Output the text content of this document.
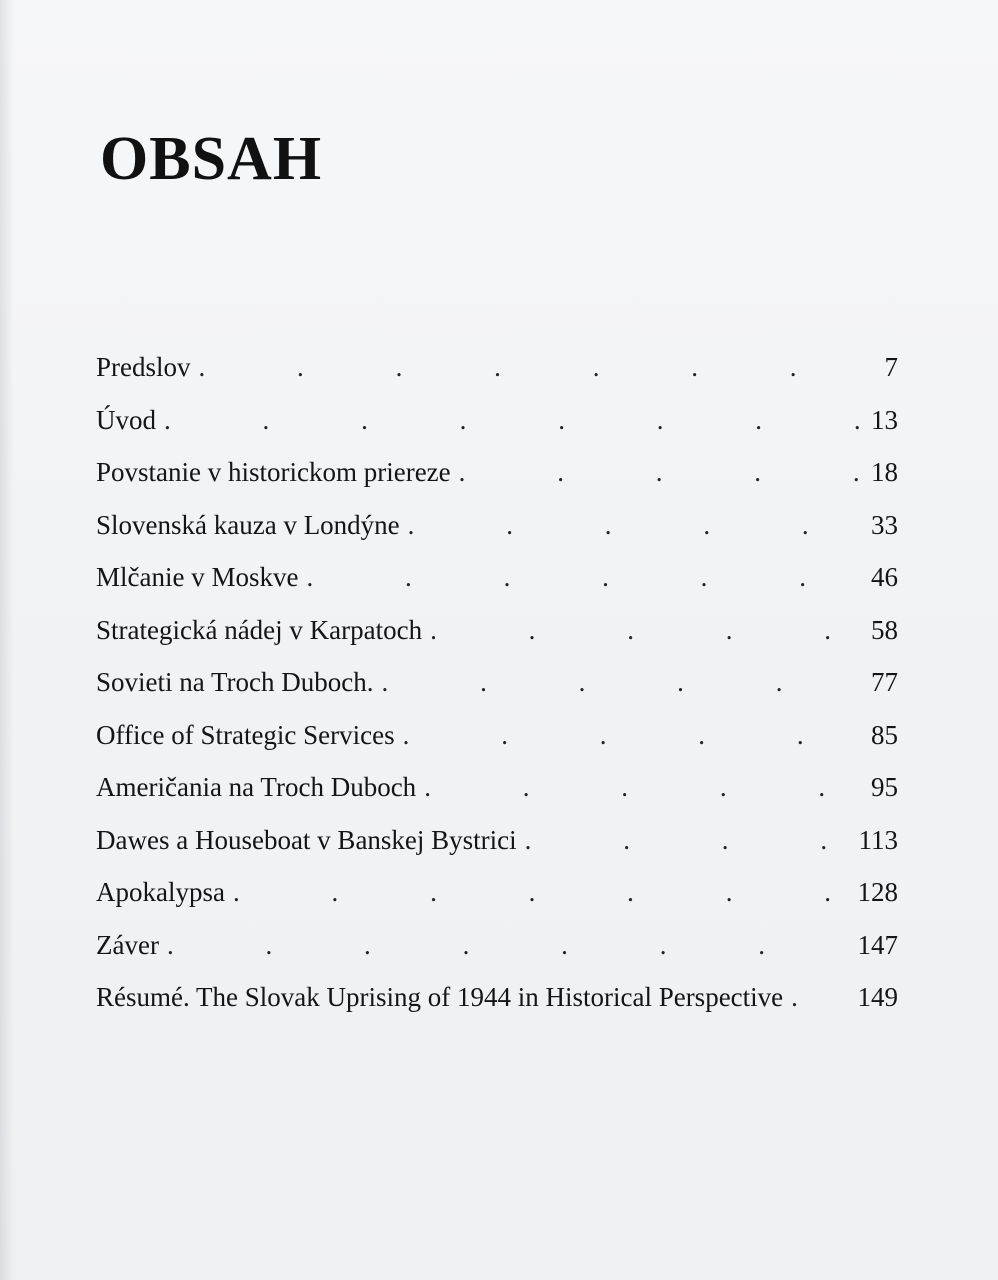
OBSAH
Predslov .	7
Úvod .	13
Povstanie v historickom priereze .	18
Slovenská kauza v Londýne .	33
Mlčanie v Moskve .	46
Strategická nádej v Karpatoch .	58
Sovieti na Troch Duboch. .	77
Office of Strategic Services .	85
Američania na Troch Duboch .	95
Dawes a Houseboat v Banskej Bystrici .	113
Apokalypsa .	128
Záver .	147
Résumé. The Slovak Uprising of 1944 in Historical Perspective .	149
